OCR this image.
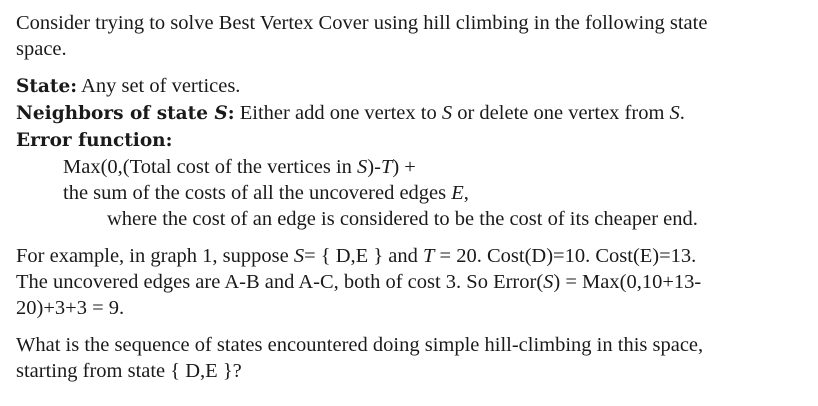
Consider trying to solve Best Vertex Cover using hill climbing in the following state
space.
State: Any set of vertices.
Neighbors of state S: Either add one vertex to S or delete one vertex from S.
Error function:
Max(0,(Total cost of the vertices in S)-T) +
the sum of the costs of all the uncovered edges E,
where the cost of an edge is considered to be the cost of its cheaper end.
For example, in graph 1, suppose S= { D,E } and T = 20. Cost(D)=10. Cost(E)=13.
The uncovered edges are A-B and A-C, both of cost 3. So Error(S) = Max(0,10+13-
20)+3+3 = 9.
What is the sequence of states encountered doing simple hill-climbing in this space,
starting from state { D,E }?
